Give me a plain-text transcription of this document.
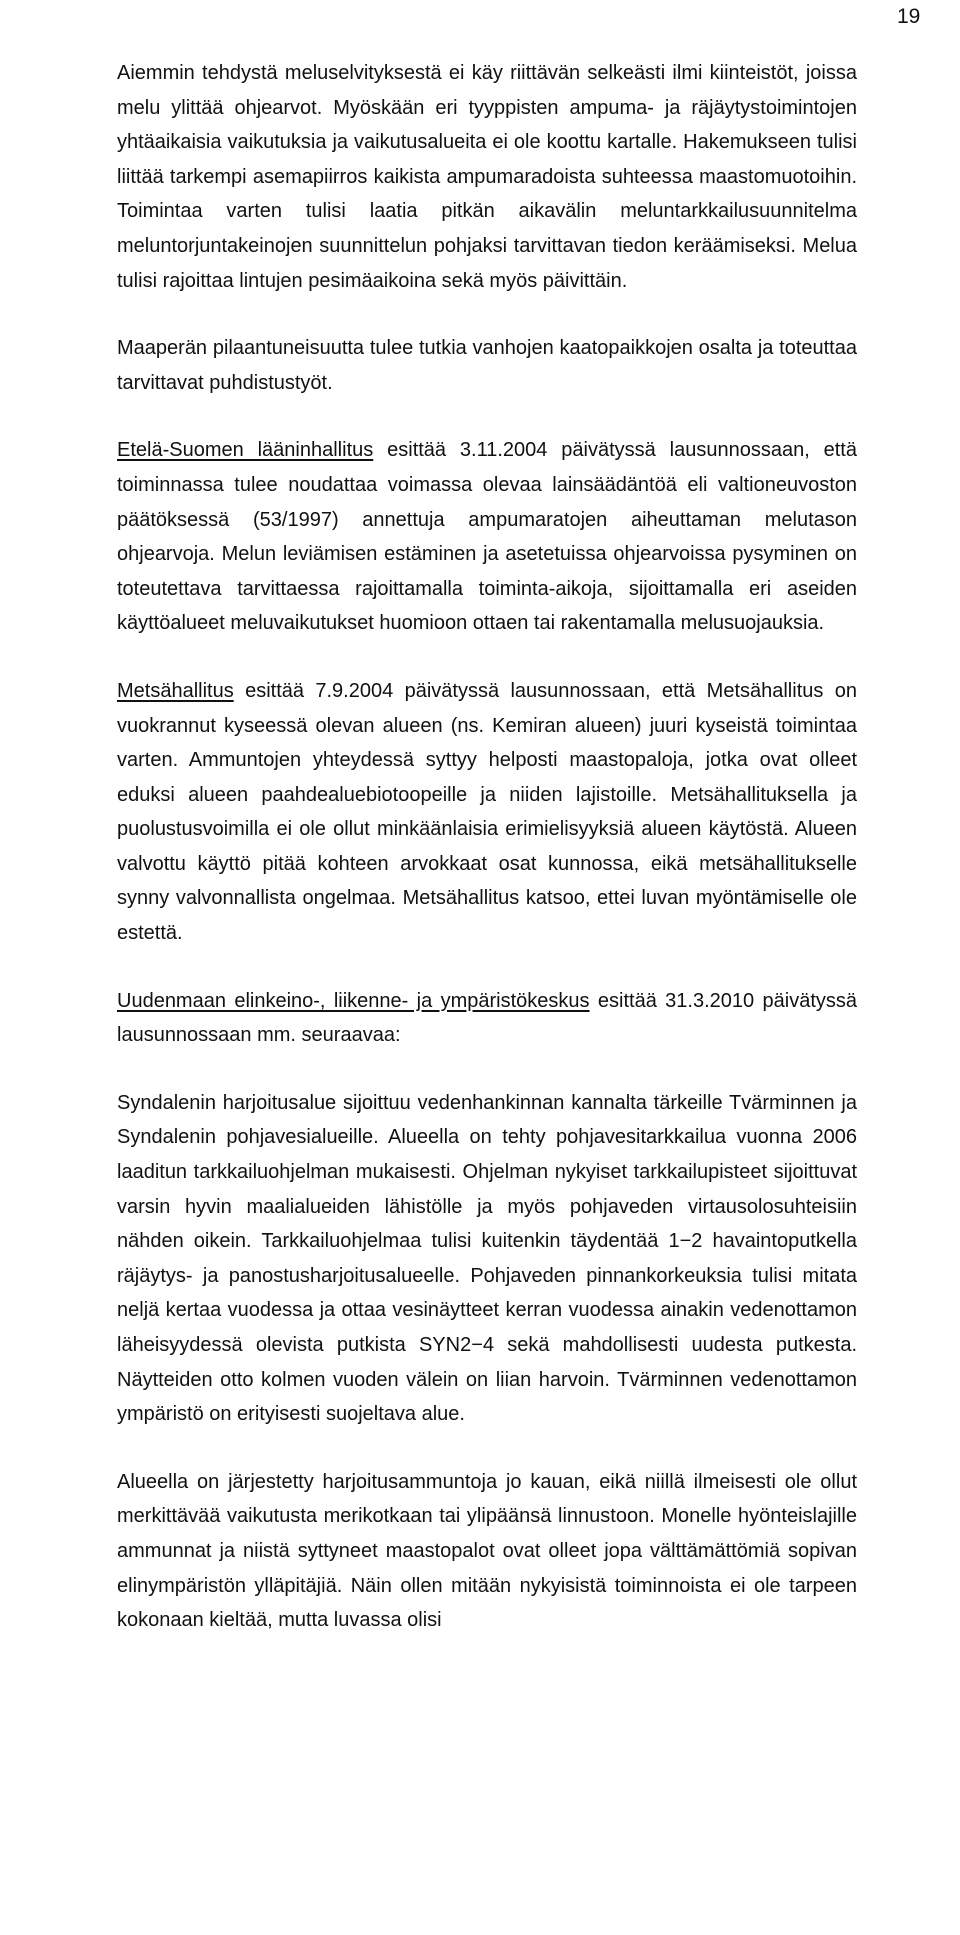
19

Aiemmin tehdystä meluselvityksestä ei käy riittävän selkeästi ilmi kiinteistöt, joissa melu ylittää ohjearvot. Myöskään eri tyyppisten ampuma- ja räjäytystoimintojen yhtäaikaisia vaikutuksia ja vaikutusalueita ei ole koottu kartalle. Hakemukseen tulisi liittää tarkempi asemapiirros kaikista ampumaradoista suhteessa maastomuotoihin. Toimintaa varten tulisi laatia pitkän aikavälin meluntarkkailusuunnitelma meluntorjuntakeinojen suunnittelun pohjaksi tarvittavan tiedon keräämiseksi. Melua tulisi rajoittaa lintujen pesimäaikoina sekä myös päivittäin.

Maaperän pilaantuneisuutta tulee tutkia vanhojen kaatopaikkojen osalta ja toteuttaa tarvittavat puhdistustyöt.

Etelä-Suomen lääninhallitus esittää 3.11.2004 päivätyssä lausunnossaan, että toiminnassa tulee noudattaa voimassa olevaa lainsäädäntöä eli valtioneuvoston päätöksessä (53/1997) annettuja ampumaratojen aiheuttaman melutason ohjearvoja. Melun leviämisen estäminen ja asetetuissa ohjearvoissa pysyminen on toteutettava tarvittaessa rajoittamalla toiminta-aikoja, sijoittamalla eri aseiden käyttöalueet meluvaikutukset huomioon ottaen tai rakentamalla melusuojauksia.

Metsähallitus esittää 7.9.2004 päivätyssä lausunnossaan, että Metsähallitus on vuokrannut kyseessä olevan alueen (ns. Kemiran alueen) juuri kyseistä toimintaa varten. Ammuntojen yhteydessä syttyy helposti maastopaloja, jotka ovat olleet eduksi alueen paahdealuebiotoopeille ja niiden lajistoille. Metsähallituksella ja puolustusvoimilla ei ole ollut minkäänlaisia erimielisyyksiä alueen käytöstä. Alueen valvottu käyttö pitää kohteen arvokkaat osat kunnossa, eikä metsähallitukselle synny valvonnallista ongelmaa. Metsähallitus katsoo, ettei luvan myöntämiselle ole estettä.

Uudenmaan elinkeino-, liikenne- ja ympäristökeskus esittää 31.3.2010 päivätyssä lausunnossaan mm. seuraavaa:

Syndalenin harjoitusalue sijoittuu vedenhankinnan kannalta tärkeille Tvärminnen ja Syndalenin pohjavesialueille. Alueella on tehty pohjavesitarkkailua vuonna 2006 laaditun tarkkailuohjelman mukaisesti. Ohjelman nykyiset tarkkailupisteet sijoittuvat varsin hyvin maalialueiden lähistölle ja myös pohjaveden virtausolosuhteisiin nähden oikein. Tarkkailuohjelmaa tulisi kuitenkin täydentää 1−2 havaintoputkella räjäytys- ja panostusharjoitusalueelle. Pohjaveden pinnankorkeuksia tulisi mitata neljä kertaa vuodessa ja ottaa vesinäytteet kerran vuodessa ainakin vedenottamon läheisyydessä olevista putkista SYN2−4 sekä mahdollisesti uudesta putkesta. Näytteiden otto kolmen vuoden välein on liian harvoin. Tvärminnen vedenottamon ympäristö on erityisesti suojeltava alue.

Alueella on järjestetty harjoitusammuntoja jo kauan, eikä niillä ilmeisesti ole ollut merkittävää vaikutusta merikotkaan tai ylipäänsä linnustoon. Monelle hyönteislajille ammunnat ja niistä syttyneet maastopalot ovat olleet jopa välttämättömiä sopivan elinympäristön ylläpitäjiä. Näin ollen mitään nykyisistä toiminnoista ei ole tarpeen kokonaan kieltää, mutta luvassa olisi
